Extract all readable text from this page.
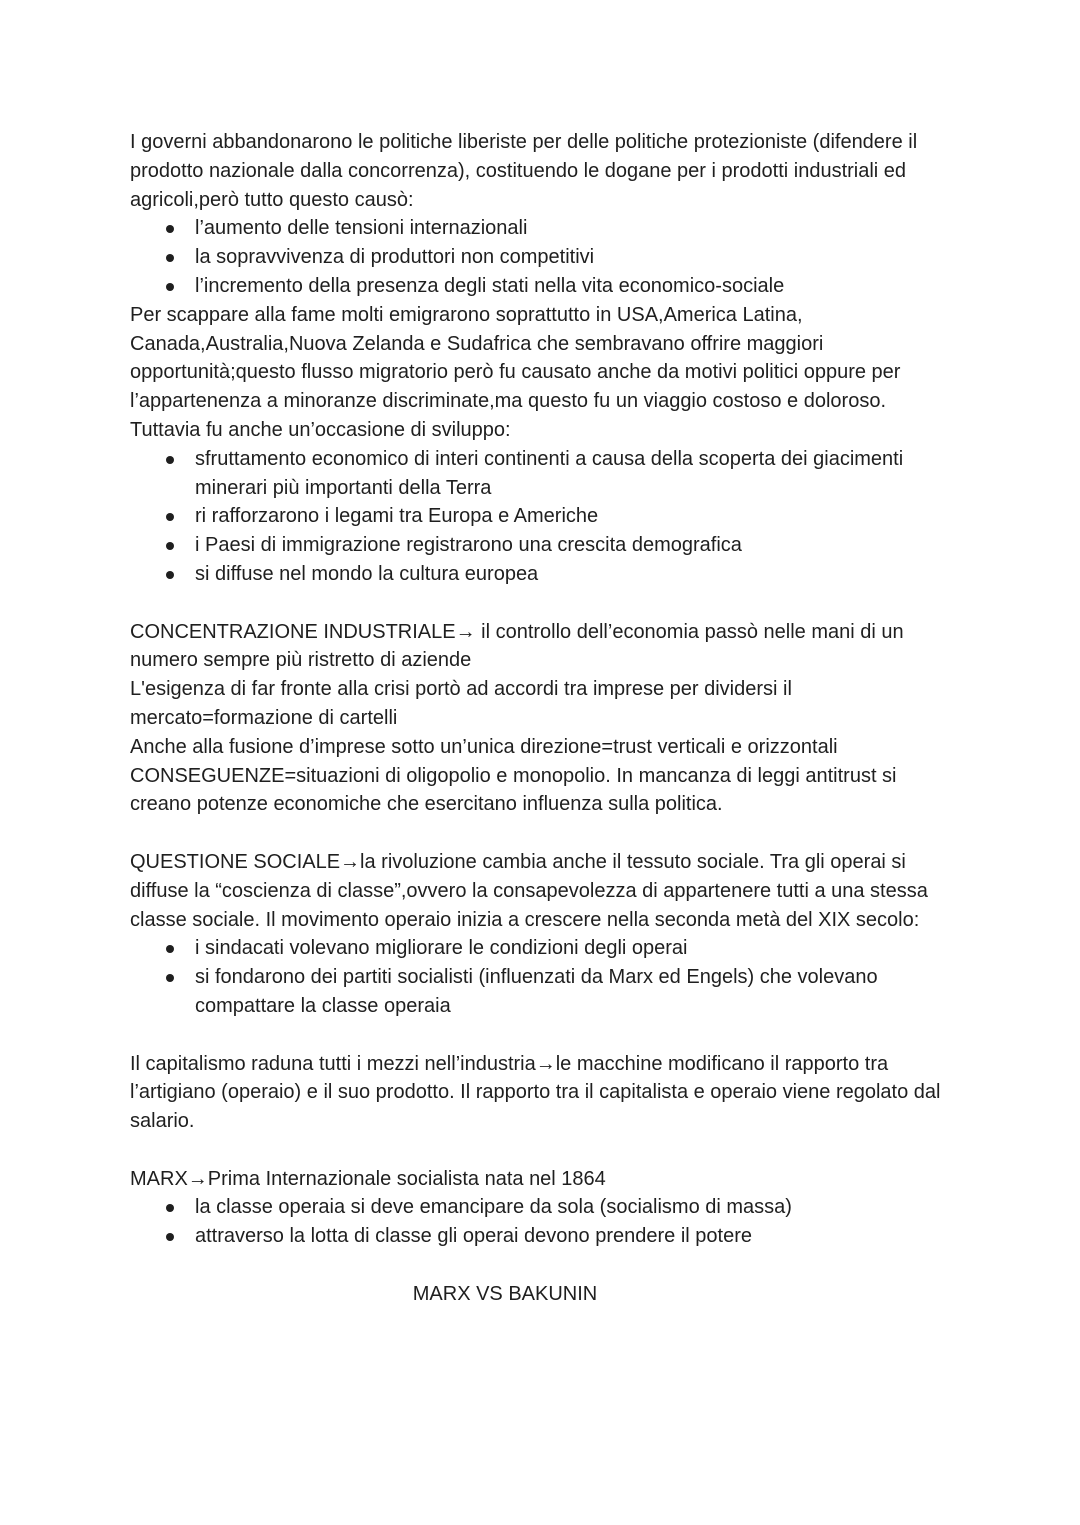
I governi abbandonarono le politiche liberiste per delle politiche protezioniste (difendere il prodotto nazionale dalla concorrenza), costituendo le dogane per i prodotti industriali ed agricoli,però tutto questo causò:

l’aumento delle tensioni internazionali
la sopravvivenza di produttori non competitivi
l’incremento della presenza degli stati nella vita economico-sociale

Per scappare alla fame molti emigrarono soprattutto in USA,America Latina, Canada,Australia,Nuova Zelanda e Sudafrica che sembravano offrire maggiori opportunità;questo flusso migratorio però fu causato anche da motivi politici oppure per l’appartenenza a minoranze discriminate,ma questo fu un viaggio costoso e doloroso. Tuttavia fu anche un’occasione di sviluppo:

sfruttamento economico di interi continenti a causa della scoperta dei giacimenti minerari più importanti della Terra
ri rafforzarono i legami tra Europa e Americhe
i Paesi di immigrazione registrarono una crescita demografica
si diffuse nel mondo la cultura europea

CONCENTRAZIONE INDUSTRIALE→ il controllo dell’economia passò nelle mani di un numero sempre più ristretto di aziende

L'esigenza di far fronte alla crisi portò ad accordi tra imprese per dividersi il mercato=formazione di cartelli

Anche alla fusione d’imprese sotto un’unica direzione=trust verticali e orizzontali

CONSEGUENZE=situazioni di oligopolio e monopolio. In mancanza di leggi antitrust si creano potenze economiche che esercitano influenza sulla politica.

QUESTIONE SOCIALE→la rivoluzione cambia anche il tessuto sociale. Tra gli operai si diffuse la “coscienza di classe”,ovvero la consapevolezza di appartenere tutti a una stessa classe sociale. Il movimento operaio inizia a crescere nella seconda metà del XIX secolo:

i sindacati volevano migliorare le condizioni degli operai
si fondarono dei partiti socialisti (influenzati da Marx ed Engels) che volevano compattare la classe operaia

Il capitalismo raduna tutti i mezzi nell’industria→le macchine modificano il rapporto tra l’artigiano (operaio) e il suo prodotto. Il rapporto tra il capitalista e operaio viene regolato dal salario.

MARX→Prima Internazionale socialista nata nel 1864

la classe operaia si deve emancipare da sola (socialismo di massa)
attraverso la lotta di classe gli operai devono prendere il potere

MARX VS BAKUNIN
